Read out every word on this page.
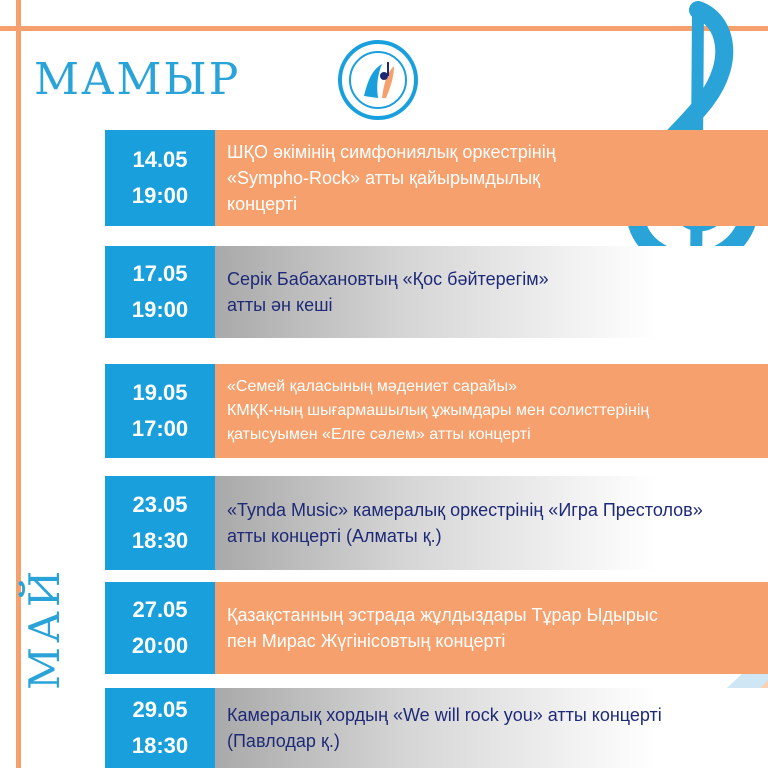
МАМЫР
МАЙ
14.05
19:00
ШҚО әкімінің симфониялық оркестрінің
«Sympho-Rock» атты қайырымдылық
концерті
17.05
19:00
Серік Бабахановтың «Қос бәйтерегім»
атты ән кеші
19.05
17:00
«Семей қаласының мәдениет сарайы»
КМҚК-ның шығармашылық ұжымдары мен солисттерінің
қатысуымен «Елге сәлем» атты концерті
23.05
18:30
«Tynda Music» камералық оркестрінің «Игра Престолов»
атты концерті (Алматы қ.)
27.05
20:00
Қазақстанның эстрада жұлдыздары Тұрар Ыдырыс
пен Мирас Жүгінісовтың концерті
29.05
18:30
Камералық хордың «We will rock you» атты концерті
(Павлодар қ.)
